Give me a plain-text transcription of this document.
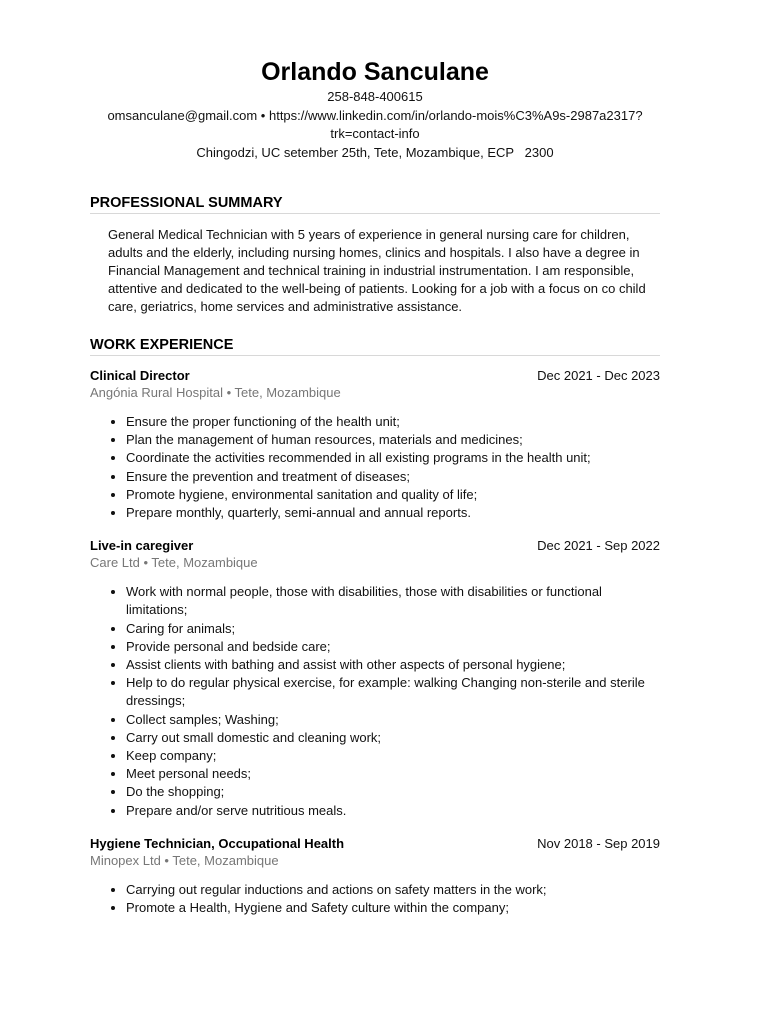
Orlando Sanculane

258-848-400615

omsanculane@gmail.com • https://www.linkedin.com/in/orlando-mois%C3%A9s-2987a2317?

trk=contact-info

Chingodzi, UC setember 25th, Tete, Mozambique, ECP   2300

PROFESSIONAL SUMMARY

General Medical Technician with 5 years of experience in general nursing care for children, adults and the elderly, including nursing homes, clinics and hospitals. I also have a degree in Financial Management and technical training in industrial instrumentation. I am responsible, attentive and dedicated to the well-being of patients. Looking for a job with a focus on co child care, geriatrics, home services and administrative assistance.

WORK EXPERIENCE
Clinical Director	Dec 2021 - Dec 2023
Angónia Rural Hospital • Tete, Mozambique
• Ensure the proper functioning of the health unit;
• Plan the management of human resources, materials and medicines;
• Coordinate the activities recommended in all existing programs in the health unit;
• Ensure the prevention and treatment of diseases;
• Promote hygiene, environmental sanitation and quality of life;
• Prepare monthly, quarterly, semi-annual and annual reports.
Live-in caregiver	Dec 2021 - Sep 2022
Care Ltd • Tete, Mozambique
• Work with normal people, those with disabilities, those with disabilities or functional limitations;
• Caring for animals;
• Provide personal and bedside care;
• Assist clients with bathing and assist with other aspects of personal hygiene;
• Help to do regular physical exercise, for example: walking Changing non-sterile and sterile dressings;
• Collect samples; Washing;
• Carry out small domestic and cleaning work;
• Keep company;
• Meet personal needs;
• Do the shopping;
• Prepare and/or serve nutritious meals.
Hygiene Technician, Occupational Health	Nov 2018 - Sep 2019
Minopex Ltd • Tete, Mozambique
• Carrying out regular inductions and actions on safety matters in the work;
• Promote a Health, Hygiene and Safety culture within the company;
